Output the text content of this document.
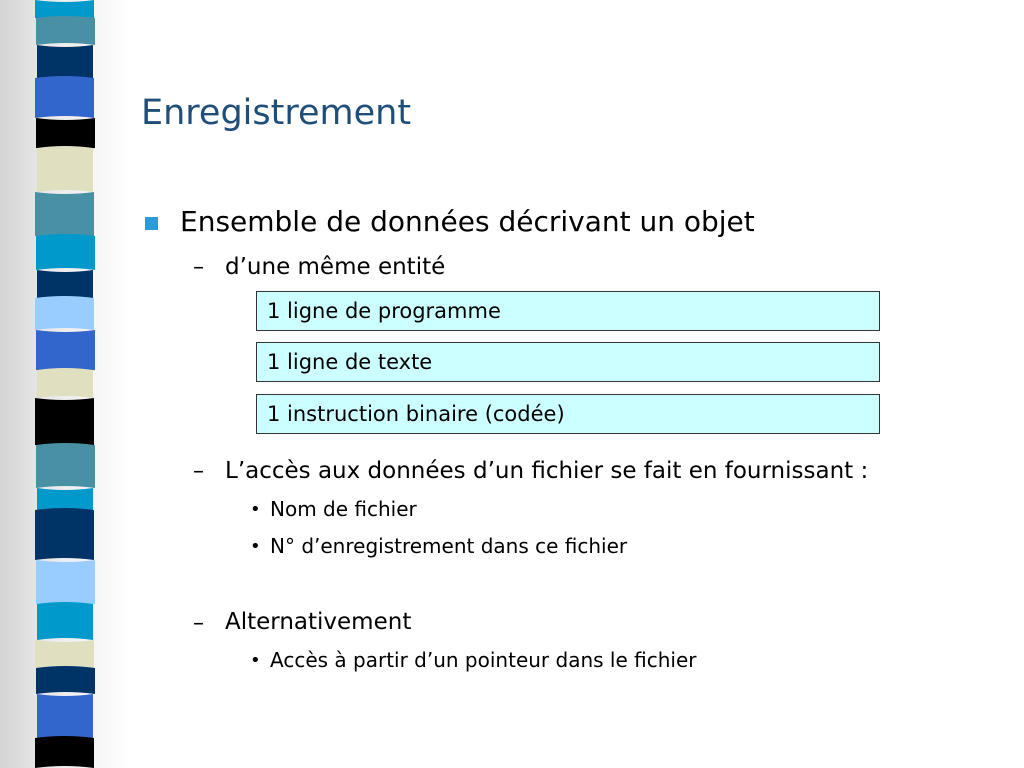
Enregistrement
Ensemble de données décrivant un objet
– d’une même entité
1 ligne de programme
1 ligne de texte
1 instruction binaire (codée)
– L’accès aux données d’un fichier se fait en fournissant :
• Nom de fichier
• N° d’enregistrement dans ce fichier
– Alternativement
• Accès à partir d’un pointeur dans le fichier
